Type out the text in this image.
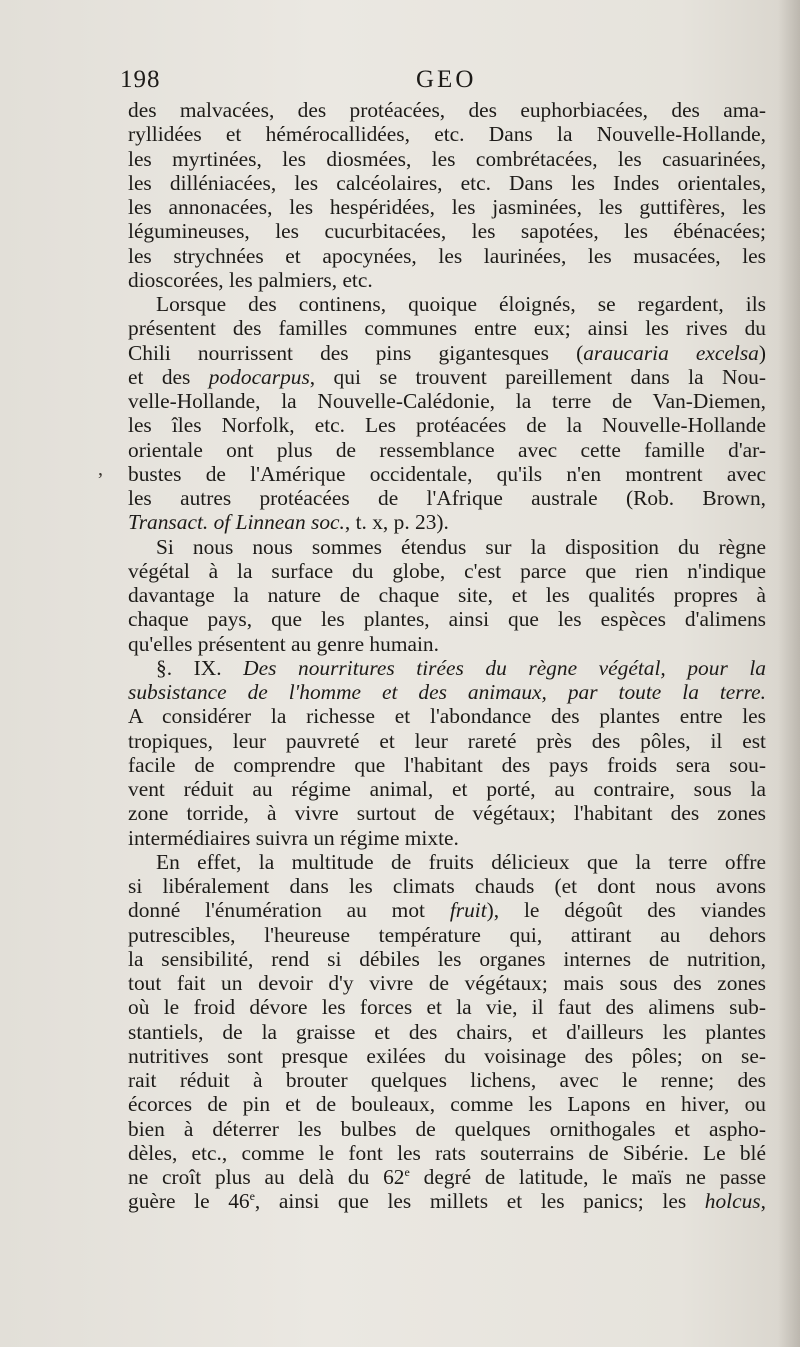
198	GEO
,
des malvacées, des protéacées, des euphorbiacées, des ama-
ryllidées et hémérocallidées, etc. Dans la Nouvelle-Hollande,
les myrtinées, les diosmées, les combrétacées, les casuarinées,
les dilléniacées, les calcéolaires, etc. Dans les Indes orientales,
les annonacées, les hespéridées, les jasminées, les guttifères, les
légumineuses, les cucurbitacées, les sapotées, les ébénacées;
les strychnées et apocynées, les laurinées, les musacées, les
dioscorées, les palmiers, etc.
Lorsque des continens, quoique éloignés, se regardent, ils
présentent des familles communes entre eux; ainsi les rives du
Chili nourrissent des pins gigantesques (araucaria excelsa)
et des podocarpus, qui se trouvent pareillement dans la Nou-
velle-Hollande, la Nouvelle-Calédonie, la terre de Van-Diemen,
les îles Norfolk, etc. Les protéacées de la Nouvelle-Hollande
orientale ont plus de ressemblance avec cette famille d'ar-
bustes de l'Amérique occidentale, qu'ils n'en montrent avec
les autres protéacées de l'Afrique australe (Rob. Brown,
Transact. of Linnean soc., t. x, p. 23).
Si nous nous sommes étendus sur la disposition du règne
végétal à la surface du globe, c'est parce que rien n'indique
davantage la nature de chaque site, et les qualités propres à
chaque pays, que les plantes, ainsi que les espèces d'alimens
qu'elles présentent au genre humain.
§. IX. Des nourritures tirées du règne végétal, pour la
subsistance de l'homme et des animaux, par toute la terre.
A considérer la richesse et l'abondance des plantes entre les
tropiques, leur pauvreté et leur rareté près des pôles, il est
facile de comprendre que l'habitant des pays froids sera sou-
vent réduit au régime animal, et porté, au contraire, sous la
zone torride, à vivre surtout de végétaux; l'habitant des zones
intermédiaires suivra un régime mixte.
En effet, la multitude de fruits délicieux que la terre offre
si libéralement dans les climats chauds (et dont nous avons
donné l'énumération au mot fruit), le dégoût des viandes
putrescibles, l'heureuse température qui, attirant au dehors
la sensibilité, rend si débiles les organes internes de nutrition,
tout fait un devoir d'y vivre de végétaux; mais sous des zones
où le froid dévore les forces et la vie, il faut des alimens sub-
stantiels, de la graisse et des chairs, et d'ailleurs les plantes
nutritives sont presque exilées du voisinage des pôles; on se-
rait réduit à brouter quelques lichens, avec le renne; des
écorces de pin et de bouleaux, comme les Lapons en hiver, ou
bien à déterrer les bulbes de quelques ornithogales et aspho-
dèles, etc., comme le font les rats souterrains de Sibérie. Le blé
ne croît plus au delà du 62e degré de latitude, le maïs ne passe
guère le 46e, ainsi que les millets et les panics; les holcus,
